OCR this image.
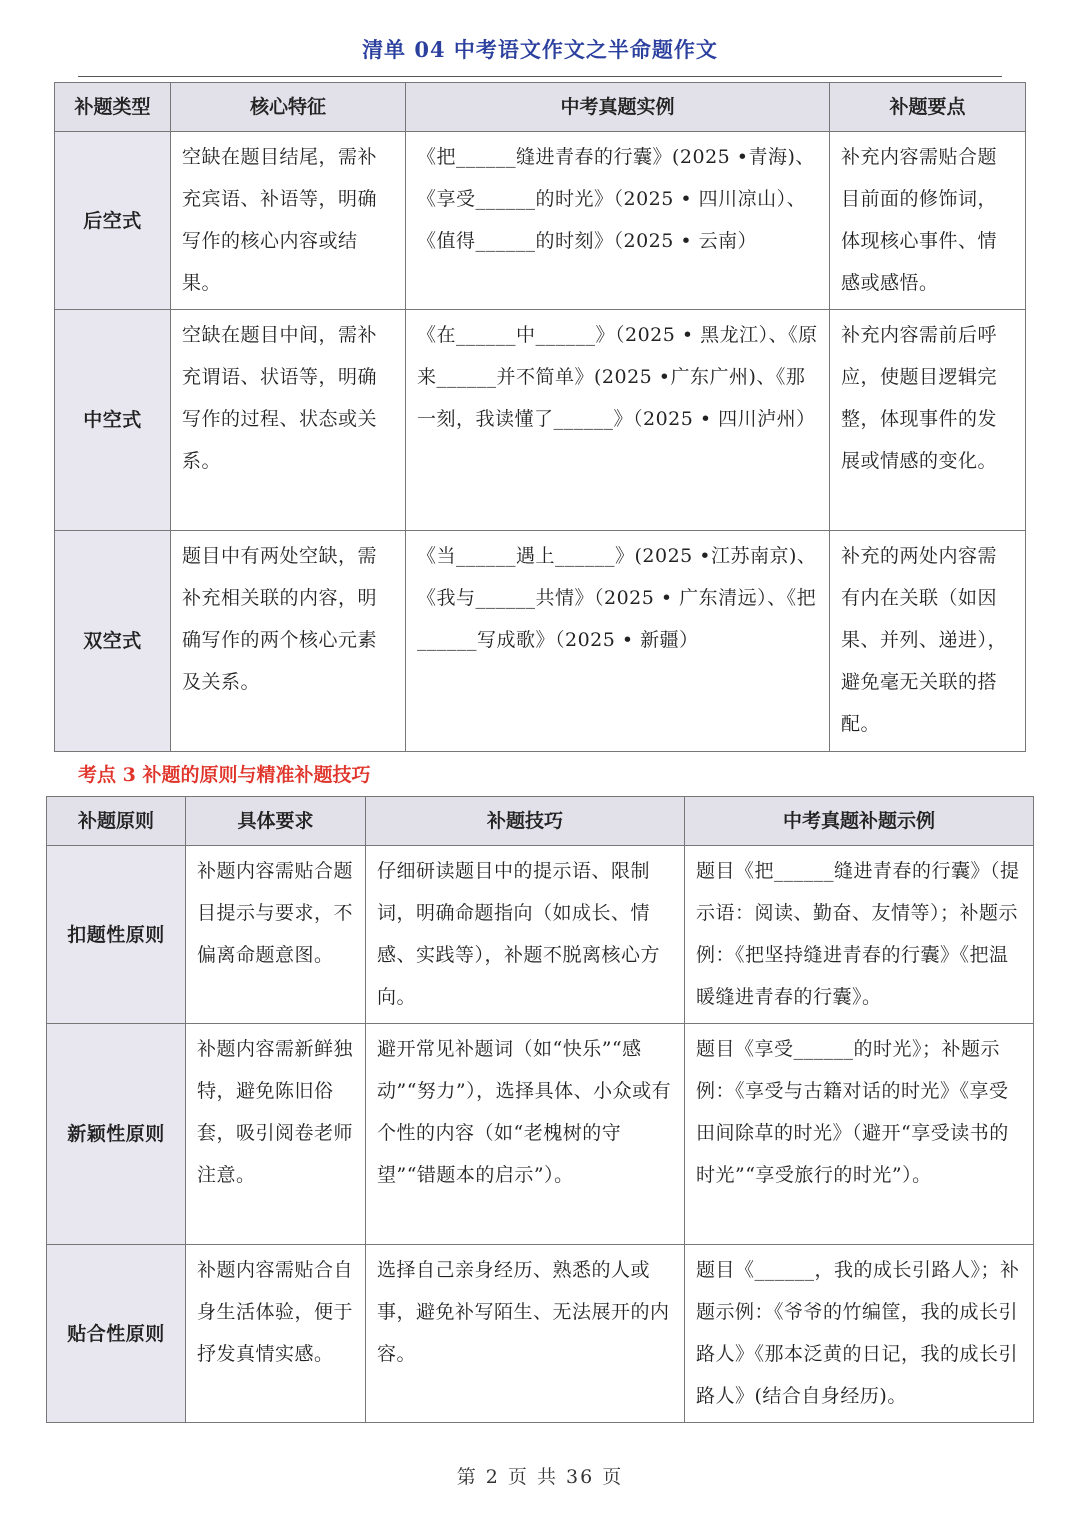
清单 04 中考语文作文之半命题作文
补题类型	核心特征	中考真题实例	补题要点
后空式	空缺在题目结尾，需补充宾语、补语等，明确写作的核心内容或结果。	《把______缝进青春的行囊》(2025 •青海)、《享受______的时光》（2025 • 四川凉山）、《值得______的时刻》（2025 • 云南）	补充内容需贴合题目前面的修饰词，体现核心事件、情感或感悟。
中空式	空缺在题目中间，需补充谓语、状语等，明确写作的过程、状态或关系。	《在______中______》（2025 • 黑龙江）、《原来______并不简单》(2025 •广东广州)、《那一刻，我读懂了______》（2025 • 四川泸州）	补充内容需前后呼应，使题目逻辑完整，体现事件的发展或情感的变化。
双空式	题目中有两处空缺，需补充相关联的内容，明确写作的两个核心元素及关系。	《当______遇上______》(2025 •江苏南京)、《我与______共情》（2025 • 广东清远）、《把______写成歌》（2025 • 新疆）	补充的两处内容需有内在关联（如因果、并列、递进），避免毫无关联的搭配。
考点 3 补题的原则与精准补题技巧
补题原则	具体要求	补题技巧	中考真题补题示例
扣题性原则	补题内容需贴合题目提示与要求，不偏离命题意图。	仔细研读题目中的提示语、限制词，明确命题指向（如成长、情感、实践等），补题不脱离核心方向。	题目《把______缝进青春的行囊》（提示语：阅读、勤奋、友情等）；补题示例：《把坚持缝进青春的行囊》《把温暖缝进青春的行囊》。
新颖性原则	补题内容需新鲜独特，避免陈旧俗套，吸引阅卷老师注意。	避开常见补题词（如“快乐”“感动”“努力”），选择具体、小众或有个性的内容（如“老槐树的守望”“错题本的启示”）。	题目《享受______的时光》；补题示例：《享受与古籍对话的时光》《享受田间除草的时光》（避开“享受读书的时光”“享受旅行的时光”）。
贴合性原则	补题内容需贴合自身生活体验，便于抒发真情实感。	选择自己亲身经历、熟悉的人或事，避免补写陌生、无法展开的内容。	题目《______，我的成长引路人》；补题示例：《爷爷的竹编筐，我的成长引路人》《那本泛黄的日记，我的成长引路人》(结合自身经历)。
第 2 页 共 36 页
